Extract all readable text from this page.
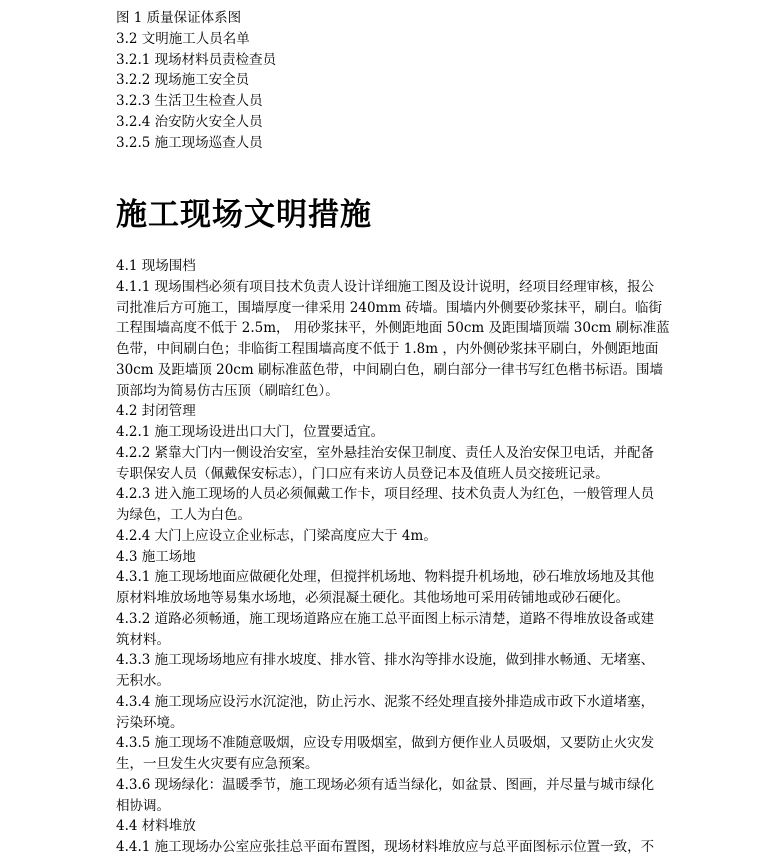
图 1 质量保证体系图
3.2 文明施工人员名单
3.2.1 现场材料员责检查员
3.2.2 现场施工安全员
3.2.3 生活卫生检查人员
3.2.4 治安防火安全人员
3.2.5 施工现场巡查人员
施工现场文明措施
4.1 现场围档
4.1.1 现场围档必须有项目技术负责人设计详细施工图及设计说明，经项目经理审核，报公
司批准后方可施工，围墙厚度一律采用 240mm 砖墙。围墙内外侧要砂浆抹平，刷白。临街
工程围墙高度不低于 2.5m， 用砂浆抹平，外侧距地面 50cm 及距围墙顶端 30cm 刷标准蓝
色带，中间刷白色；非临街工程围墙高度不低于 1.8m ，内外侧砂浆抹平刷白，外侧距地面
30cm 及距墙顶 20cm 刷标准蓝色带，中间刷白色，刷白部分一律书写红色楷书标语。围墙
顶部均为简易仿古压顶（刷暗红色）。
4.2 封闭管理
4.2.1 施工现场设进出口大门，位置要适宜。
4.2.2 紧靠大门内一侧设治安室，室外悬挂治安保卫制度、责任人及治安保卫电话，并配备
专职保安人员（佩戴保安标志），门口应有来访人员登记本及值班人员交接班记录。
4.2.3 进入施工现场的人员必须佩戴工作卡，项目经理、技术负责人为红色，一般管理人员
为绿色，工人为白色。
4.2.4 大门上应设立企业标志，门梁高度应大于 4m。
4.3 施工场地
4.3.1 施工现场地面应做硬化处理，但搅拌机场地、物料提升机场地，砂石堆放场地及其他
原材料堆放场地等易集水场地，必须混凝土硬化。其他场地可采用砖铺地或砂石硬化。
4.3.2 道路必须畅通，施工现场道路应在施工总平面图上标示清楚，道路不得堆放设备或建
筑材料。
4.3.3 施工现场场地应有排水坡度、排水管、排水沟等排水设施，做到排水畅通、无堵塞、
无积水。
4.3.4 施工现场应设污水沉淀池，防止污水、泥浆不经处理直接外排造成市政下水道堵塞，
污染环境。
4.3.5 施工现场不准随意吸烟，应设专用吸烟室，做到方便作业人员吸烟，又要防止火灾发
生，一旦发生火灾要有应急预案。
4.3.6 现场绿化：温暖季节，施工现场必须有适当绿化，如盆景、图画，并尽量与城市绿化
相协调。
4.4 材料堆放
4.4.1 施工现场办公室应张挂总平面布置图，现场材料堆放应与总平面图标示位置一致，不
